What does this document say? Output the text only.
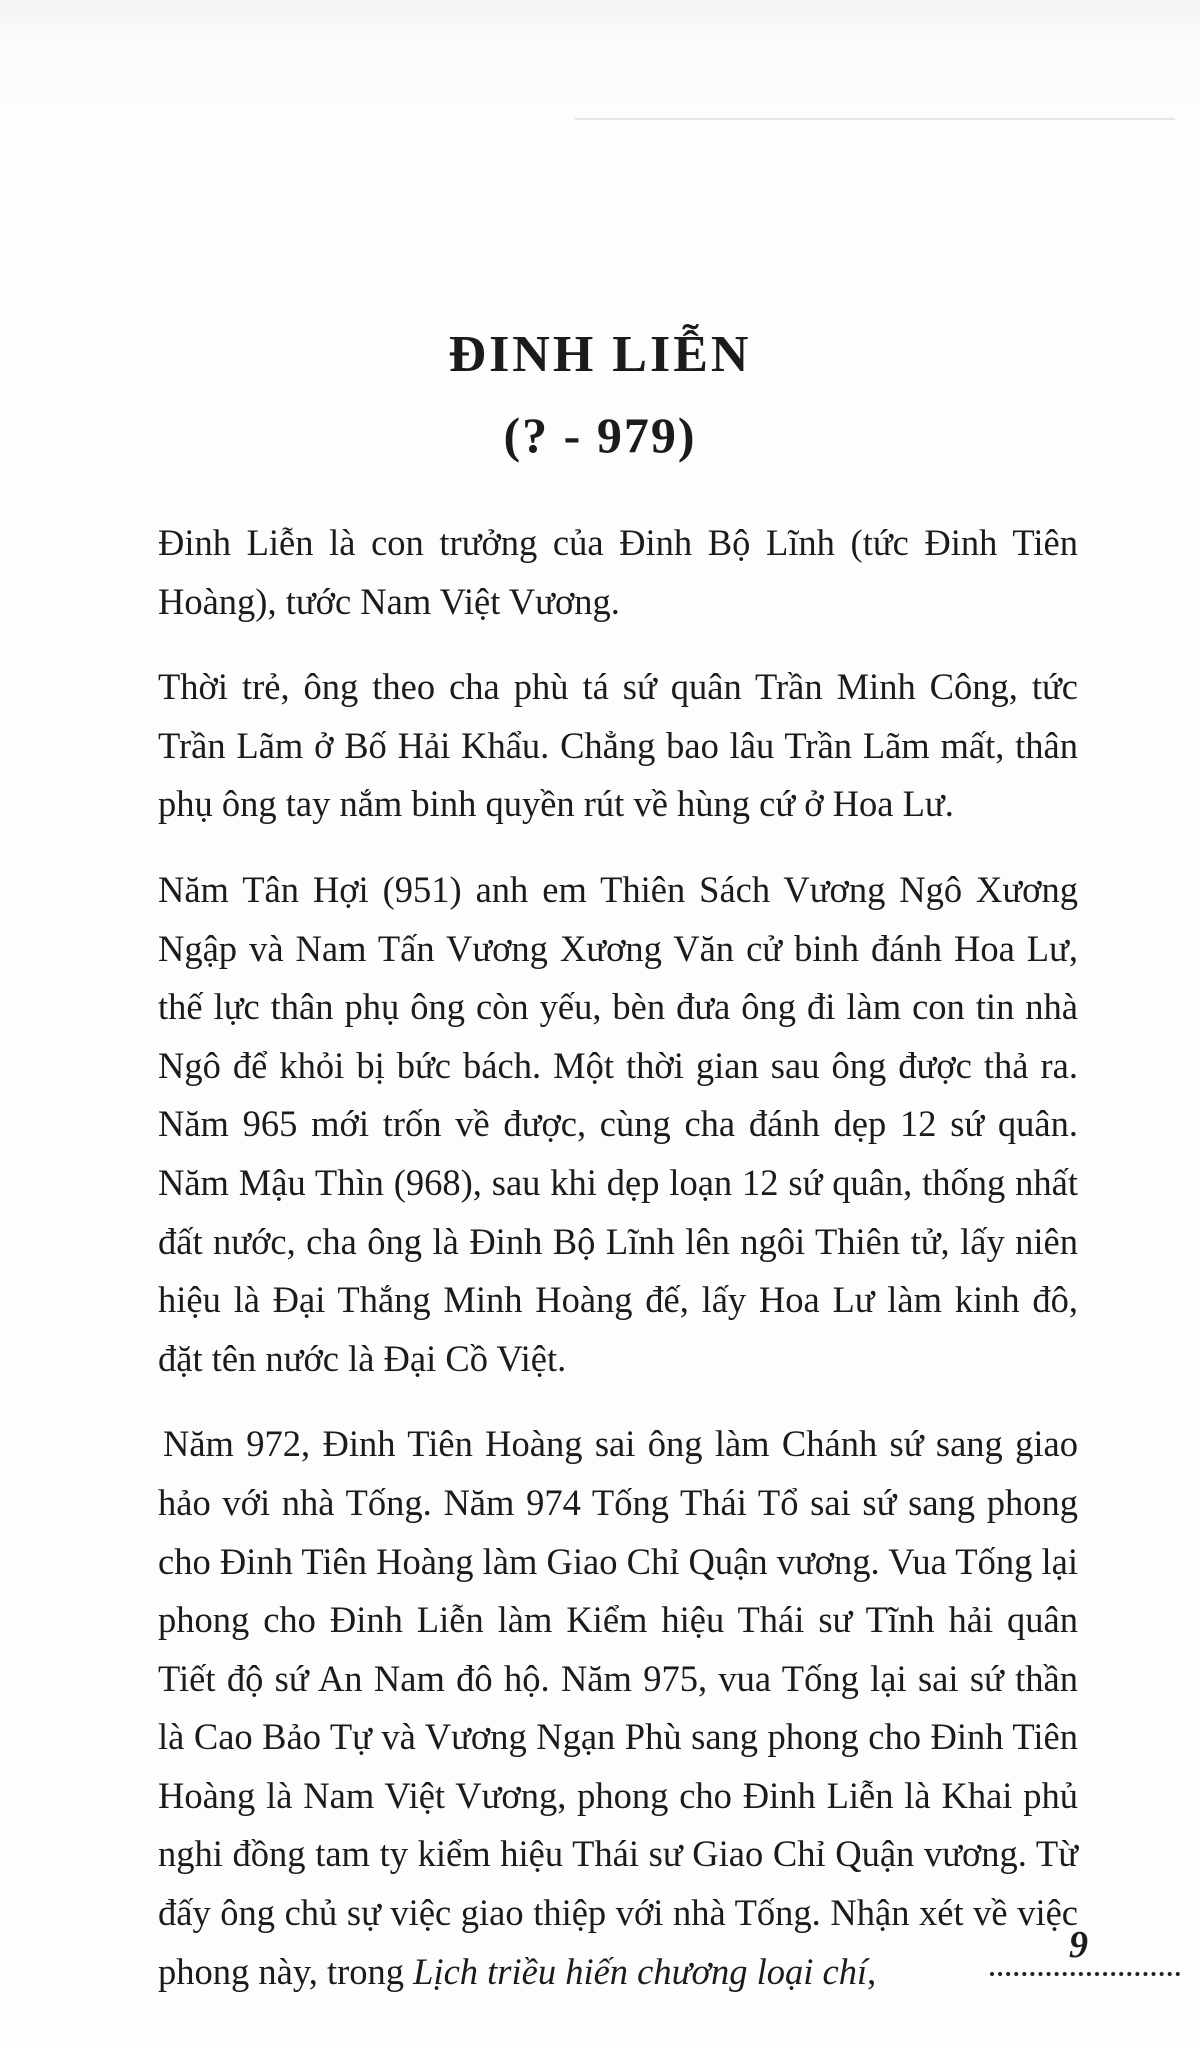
ĐINH LIỄN
(? - 979)

Đinh Liễn là con trưởng của Đinh Bộ Lĩnh (tức Đinh Tiên Hoàng), tước Nam Việt Vương.

Thời trẻ, ông theo cha phù tá sứ quân Trần Minh Công, tức Trần Lãm ở Bố Hải Khẩu. Chẳng bao lâu Trần Lãm mất, thân phụ ông tay nắm binh quyền rút về hùng cứ ở Hoa Lư.

Năm Tân Hợi (951) anh em Thiên Sách Vương Ngô Xương Ngập và Nam Tấn Vương Xương Văn cử binh đánh Hoa Lư, thế lực thân phụ ông còn yếu, bèn đưa ông đi làm con tin nhà Ngô để khỏi bị bức bách. Một thời gian sau ông được thả ra. Năm 965 mới trốn về được, cùng cha đánh dẹp 12 sứ quân. Năm Mậu Thìn (968), sau khi dẹp loạn 12 sứ quân, thống nhất đất nước, cha ông là Đinh Bộ Lĩnh lên ngôi Thiên tử, lấy niên hiệu là Đại Thắng Minh Hoàng đế, lấy Hoa Lư làm kinh đô, đặt tên nước là Đại Cồ Việt.

Năm 972, Đinh Tiên Hoàng sai ông làm Chánh sứ sang giao hảo với nhà Tống. Năm 974 Tống Thái Tổ sai sứ sang phong cho Đinh Tiên Hoàng làm Giao Chỉ Quận vương. Vua Tống lại phong cho Đinh Liễn làm Kiểm hiệu Thái sư Tĩnh hải quân Tiết độ sứ An Nam đô hộ. Năm 975, vua Tống lại sai sứ thần là Cao Bảo Tự và Vương Ngạn Phù sang phong cho Đinh Tiên Hoàng là Nam Việt Vương, phong cho Đinh Liễn là Khai phủ nghi đồng tam ty kiểm hiệu Thái sư Giao Chỉ Quận vương. Từ đấy ông chủ sự việc giao thiệp với nhà Tống. Nhận xét về việc phong này, trong Lịch triều hiến chương loại chí,

9
